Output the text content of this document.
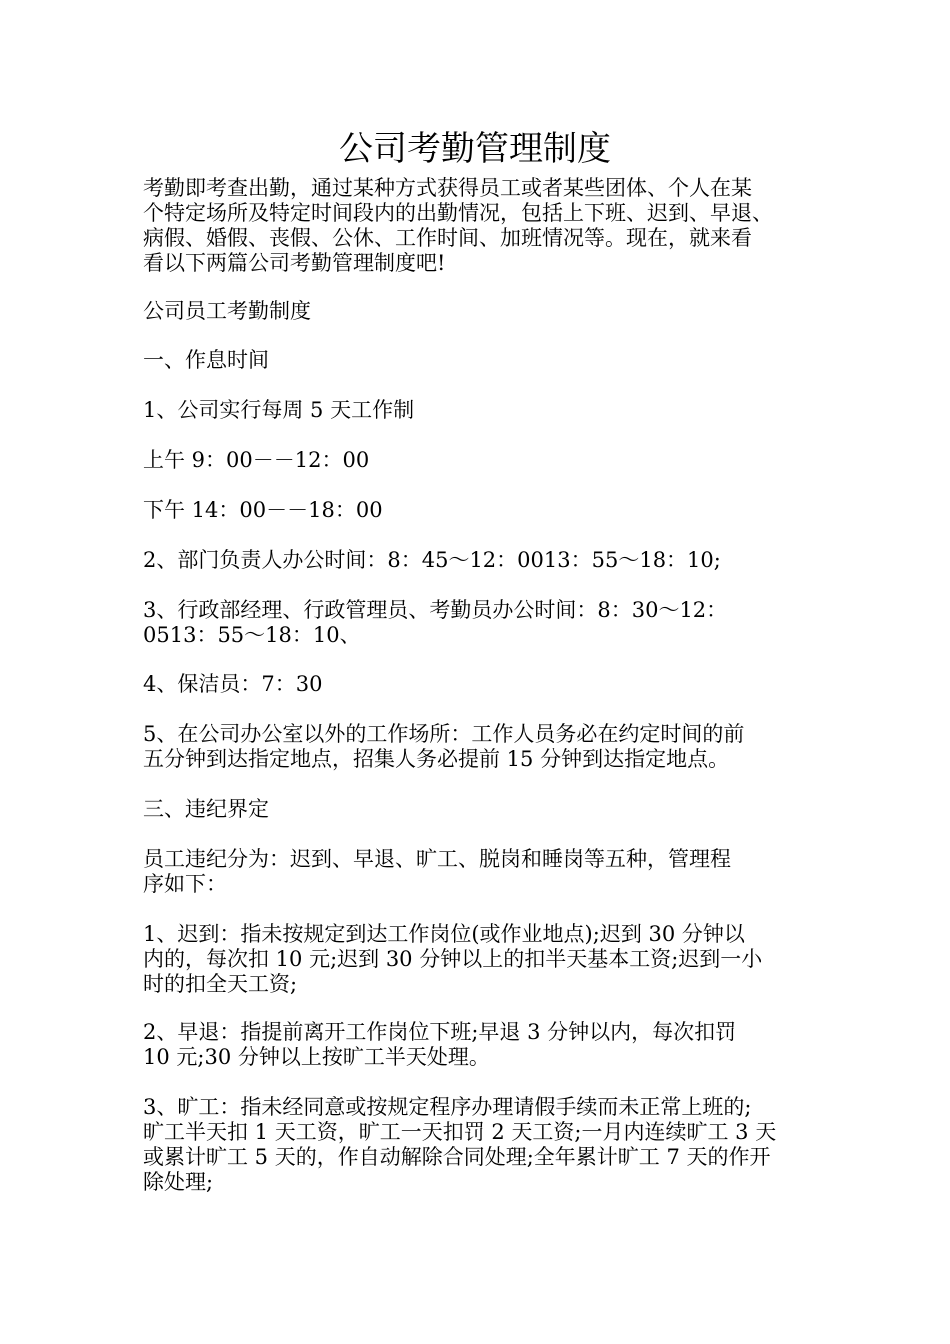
公司考勤管理制度
考勤即考查出勤，通过某种方式获得员工或者某些团体、个人在某
个特定场所及特定时间段内的出勤情况，包括上下班、迟到、早退、
病假、婚假、丧假、公休、工作时间、加班情况等。现在，就来看
看以下两篇公司考勤管理制度吧!
公司员工考勤制度
一、作息时间
1、公司实行每周 5 天工作制
上午 9：00－－12：00
下午 14：00－－18：00
2、部门负责人办公时间：8：45～12：0013：55～18：10;
3、行政部经理、行政管理员、考勤员办公时间：8：30～12：
0513：55～18：10、
4、保洁员：7：30
5、在公司办公室以外的工作场所：工作人员务必在约定时间的前
五分钟到达指定地点，招集人务必提前 15 分钟到达指定地点。
三、违纪界定
员工违纪分为：迟到、早退、旷工、脱岗和睡岗等五种，管理程
序如下：
1、迟到：指未按规定到达工作岗位(或作业地点);迟到 30 分钟以
内的，每次扣 10 元;迟到 30 分钟以上的扣半天基本工资;迟到一小
时的扣全天工资;
2、早退：指提前离开工作岗位下班;早退 3 分钟以内，每次扣罚
10 元;30 分钟以上按旷工半天处理。
3、旷工：指未经同意或按规定程序办理请假手续而未正常上班的;
旷工半天扣 1 天工资，旷工一天扣罚 2 天工资;一月内连续旷工 3 天
或累计旷工 5 天的，作自动解除合同处理;全年累计旷工 7 天的作开
除处理;
